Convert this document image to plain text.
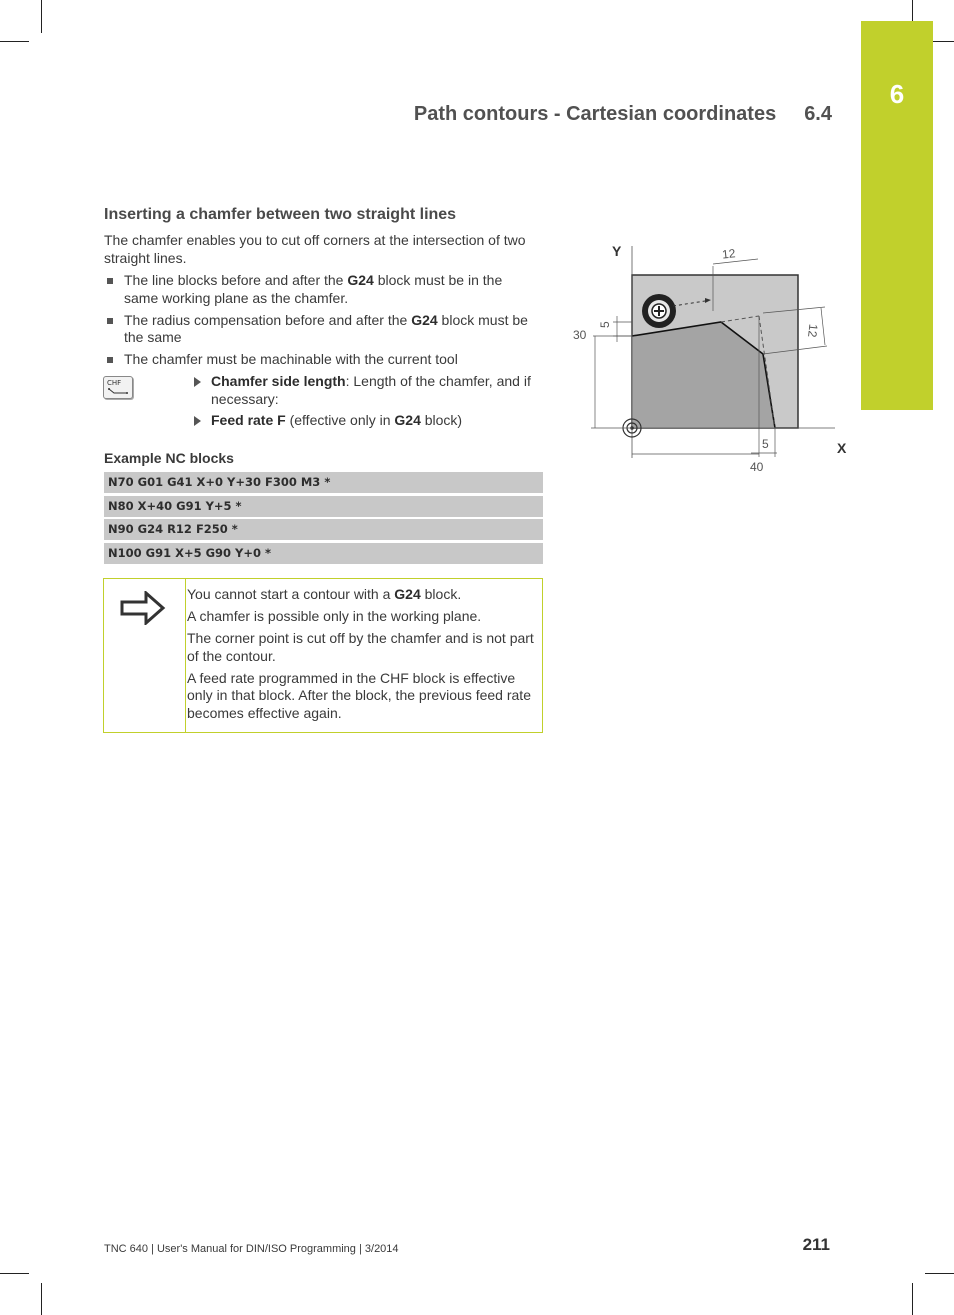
6
Path contours - Cartesian coordinates 6.4
Inserting a chamfer between two straight lines
The chamfer enables you to cut off corners at the intersection of two straight lines.
The line blocks before and after the G24 block must be in the same working plane as the chamfer.
The radius compensation before and after the G24 block must be the same
The chamfer must be machinable with the current tool
CHF	Chamfer side length: Length of the chamfer, and if necessary:
Feed rate F (effective only in G24 block)
Example NC blocks
N70 G01 G41 X+0 Y+30 F300 M3 *
N80 X+40 G91 Y+5 *
N90 G24 R12 F250 *
N100 G91 X+5 G90 Y+0 *

You cannot start a contour with a G24 block.

A chamfer is possible only in the working plane.

The corner point is cut off by the chamfer and is not part of the contour.

A feed rate programmed in the CHF block is effective only in that block. After the block, the previous feed rate becomes effective again.

Y
X
12
12
5
30
5
40
TNC 640 | User's Manual for DIN/ISO Programming | 3/2014	211
